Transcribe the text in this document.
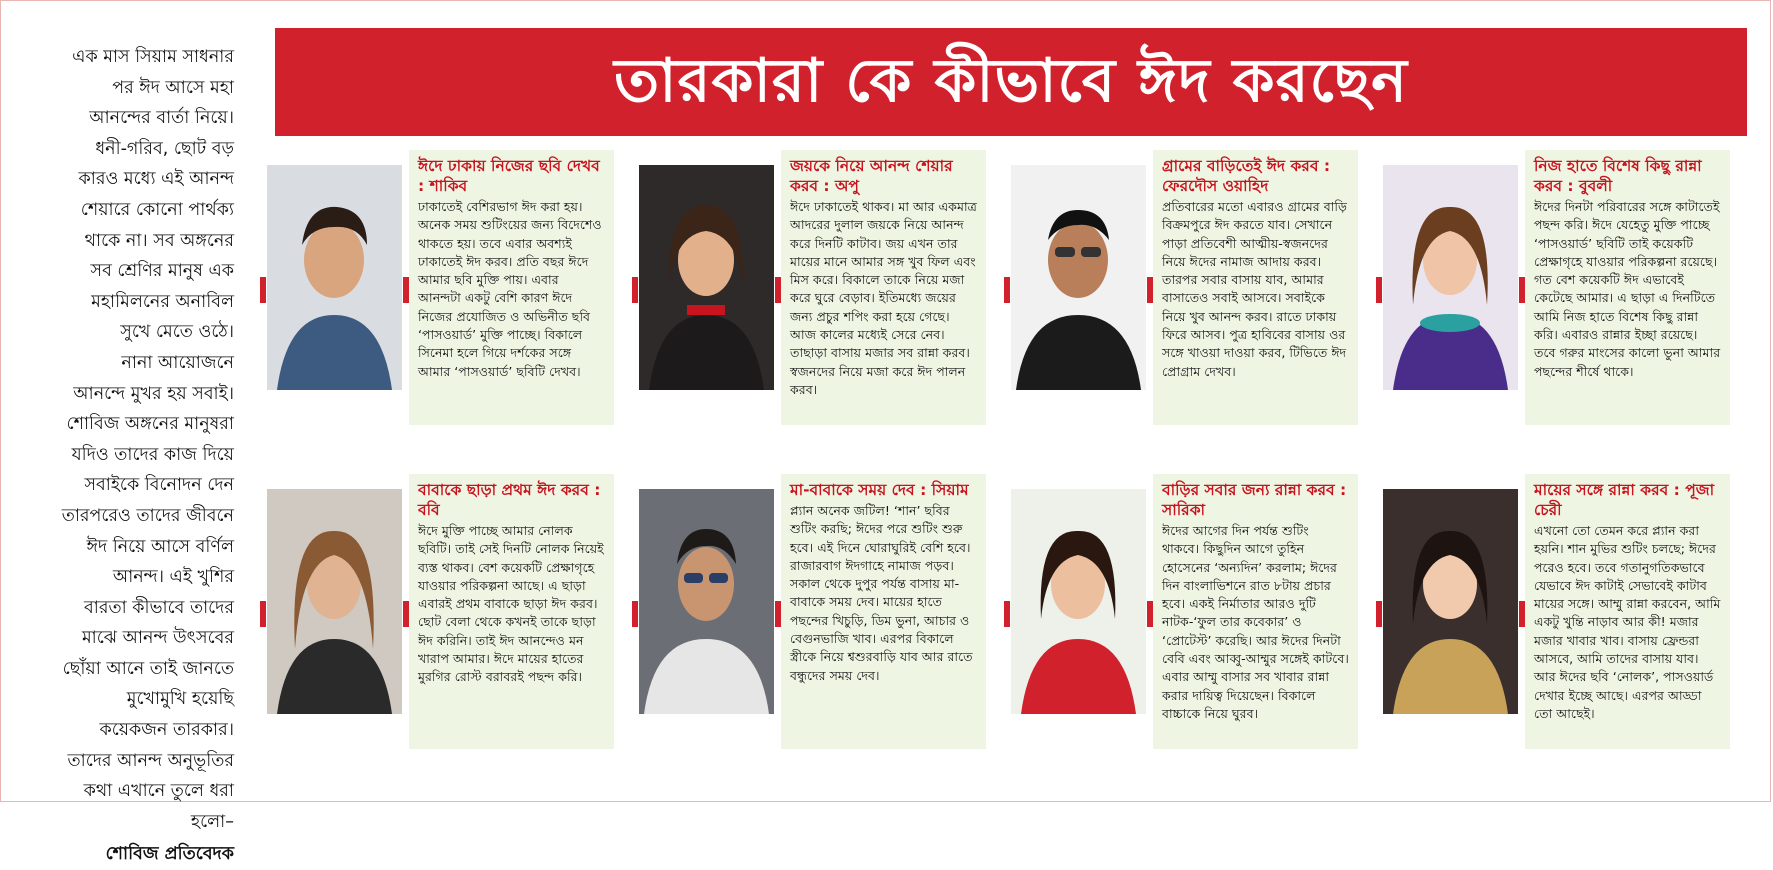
তারকারা কে কীভাবে ঈদ করছেন
এক মাস সিয়াম সাধনার
পর ঈদ আসে মহা
আনন্দের বার্তা নিয়ে।
ধনী-গরিব, ছোট বড়
কারও মধ্যে এই আনন্দ
শেয়ারে কোনো পার্থক্য
থাকে না। সব অঙ্গনের
সব শ্রেণির মানুষ এক
মহামিলনের অনাবিল
সুখে মেতে ওঠে।
নানা আয়োজনে
আনন্দে মুখর হয় সবাই।
শোবিজ অঙ্গনের মানুষরা
যদিও তাদের কাজ দিয়ে
সবাইকে বিনোদন দেন
তারপরেও তাদের জীবনে
ঈদ নিয়ে আসে বর্ণিল
আনন্দ। এই খুশির
বারতা কীভাবে তাদের
মাঝে আনন্দ উৎসবের
ছোঁয়া আনে তাই জানতে
মুখোমুখি হয়েছি
কয়েকজন তারকার।
তাদের আনন্দ অনুভূতির
কথা এখানে তুলে ধরা
হলো–
শোবিজ প্রতিবেদক
ঈদে ঢাকায় নিজের ছবি দেখব : শাকিব

ঢাকাতেই বেশিরভাগ ঈদ করা হয়। অনেক সময় শুটিংয়ের জন্য বিদেশেও থাকতে হয়। তবে এবার অবশ্যই ঢাকাতেই ঈদ করব। প্রতি বছর ঈদে আমার ছবি মুক্তি পায়। এবার আনন্দটা একটু বেশি কারণ ঈদে নিজের প্রযোজিত ও অভিনীত ছবি ‘পাসওয়ার্ড’ মুক্তি পাচ্ছে। বিকালে সিনেমা হলে গিয়ে দর্শকের সঙ্গে আমার ‘পাসওয়ার্ড’ ছবিটি দেখব।

জয়কে নিয়ে আনন্দ শেয়ার করব : অপু

ঈদে ঢাকাতেই থাকব। মা আর একমাত্র আদরের দুলাল জয়কে নিয়ে আনন্দ করে দিনটি কাটাব। জয় এখন তার মায়ের মানে আমার সঙ্গ খুব ফিল এবং মিস করে। বিকালে তাকে নিয়ে মজা করে ঘুরে বেড়াব। ইতিমধ্যে জয়ের জন্য প্রচুর শপিং করা হয়ে গেছে। আজ কালের মধ্যেই সেরে নেব। তাছাড়া বাসায় মজার সব রান্না করব। স্বজনদের নিয়ে মজা করে ঈদ পালন করব।

গ্রামের বাড়িতেই ঈদ করব : ফেরদৌস ওয়াহিদ

প্রতিবারের মতো এবারও গ্রামের বাড়ি বিক্রমপুরে ঈদ করতে যাব। সেখানে পাড়া প্রতিবেশী আত্মীয়-স্বজনদের নিয়ে ঈদের নামাজ আদায় করব। তারপর সবার বাসায় যাব, আমার বাসাতেও সবাই আসবে। সবাইকে নিয়ে খুব আনন্দ করব। রাতে ঢাকায় ফিরে আসব। পুত্র হাবিবের বাসায় ওর সঙ্গে খাওয়া দাওয়া করব, টিভিতে ঈদ প্রোগ্রাম দেখব।

নিজ হাতে বিশেষ কিছু রান্না করব : বুবলী

ঈদের দিনটা পরিবারের সঙ্গে কাটাতেই পছন্দ করি। ঈদে যেহেতু মুক্তি পাচ্ছে ‘পাসওয়ার্ড’ ছবিটি তাই কয়েকটি প্রেক্ষাগৃহে যাওয়ার পরিকল্পনা রয়েছে। গত বেশ কয়েকটি ঈদ এভাবেই কেটেছে আমার। এ ছাড়া এ দিনটিতে আমি নিজ হাতে বিশেষ কিছু রান্না করি। এবারও রান্নার ইচ্ছা রয়েছে। তবে গরুর মাংসের কালো ভুনা আমার পছন্দের শীর্ষে থাকে।

বাবাকে ছাড়া প্রথম ঈদ করব : ববি

ঈদে মুক্তি পাচ্ছে আমার নোলক ছবিটি। তাই সেই দিনটি নোলক নিয়েই ব্যস্ত থাকব। বেশ কয়েকটি প্রেক্ষাগৃহে যাওয়ার পরিকল্পনা আছে। এ ছাড়া এবারই প্রথম বাবাকে ছাড়া ঈদ করব। ছোট বেলা থেকে কখনই তাকে ছাড়া ঈদ করিনি। তাই ঈদ আনন্দেও মন খারাপ আমার। ঈদে মায়ের হাতের মুরগির রোস্ট বরাবরই পছন্দ করি।

মা-বাবাকে সময় দেব : সিয়াম

প্ল্যান অনেক জটিল! ‘শান’ ছবির শুটিং করছি; ঈদের পরে শুটিং শুরু হবে। এই দিনে ঘোরাঘুরিই বেশি হবে। রাজারবাগ ঈদগাহে নামাজ পড়ব। সকাল থেকে দুপুর পর্যন্ত বাসায় মা-বাবাকে সময় দেব। মায়ের হাতে পছন্দের খিচুড়ি, ডিম ভুনা, আচার ও বেগুনভাজি খাব। এরপর বিকালে স্ত্রীকে নিয়ে শ্বশুরবাড়ি যাব আর রাতে বন্ধুদের সময় দেব।

বাড়ির সবার জন্য রান্না করব : সারিকা

ঈদের আগের দিন পর্যন্ত শুটিং থাকবে। কিছুদিন আগে তুহিন হোসেনের ‘অন্যদিন’ করলাম; ঈদের দিন বাংলাভিশনে রাত ৮টায় প্রচার হবে। একই নির্মাতার আরও দুটি নাটক-‘ফুল তার কবেকার’ ও ‘প্রোটেস্ট’ করেছি। আর ঈদের দিনটা বেবি এবং আব্বু-আম্মুর সঙ্গেই কাটবে। এবার আম্মু বাসার সব খাবার রান্না করার দায়িত্ব দিয়েছেন। বিকালে বাচ্চাকে নিয়ে ঘুরব।

মায়ের সঙ্গে রান্না করব : পূজা চেরী

এখনো তো তেমন করে প্ল্যান করা হয়নি। শান মুভির শুটিং চলছে; ঈদের পরেও হবে। তবে গতানুগতিকভাবে যেভাবে ঈদ কাটাই সেভাবেই কাটাব মায়ের সঙ্গে। আম্মু রান্না করবেন, আমি একটু খুন্তি নাড়াব আর কী! মজার মজার খাবার খাব। বাসায় ফ্রেন্ডরা আসবে, আমি তাদের বাসায় যাব। আর ঈদের ছবি ‘নোলক’, পাসওয়ার্ড দেখার ইচ্ছে আছে। এরপর আড্ডা তো আছেই।
